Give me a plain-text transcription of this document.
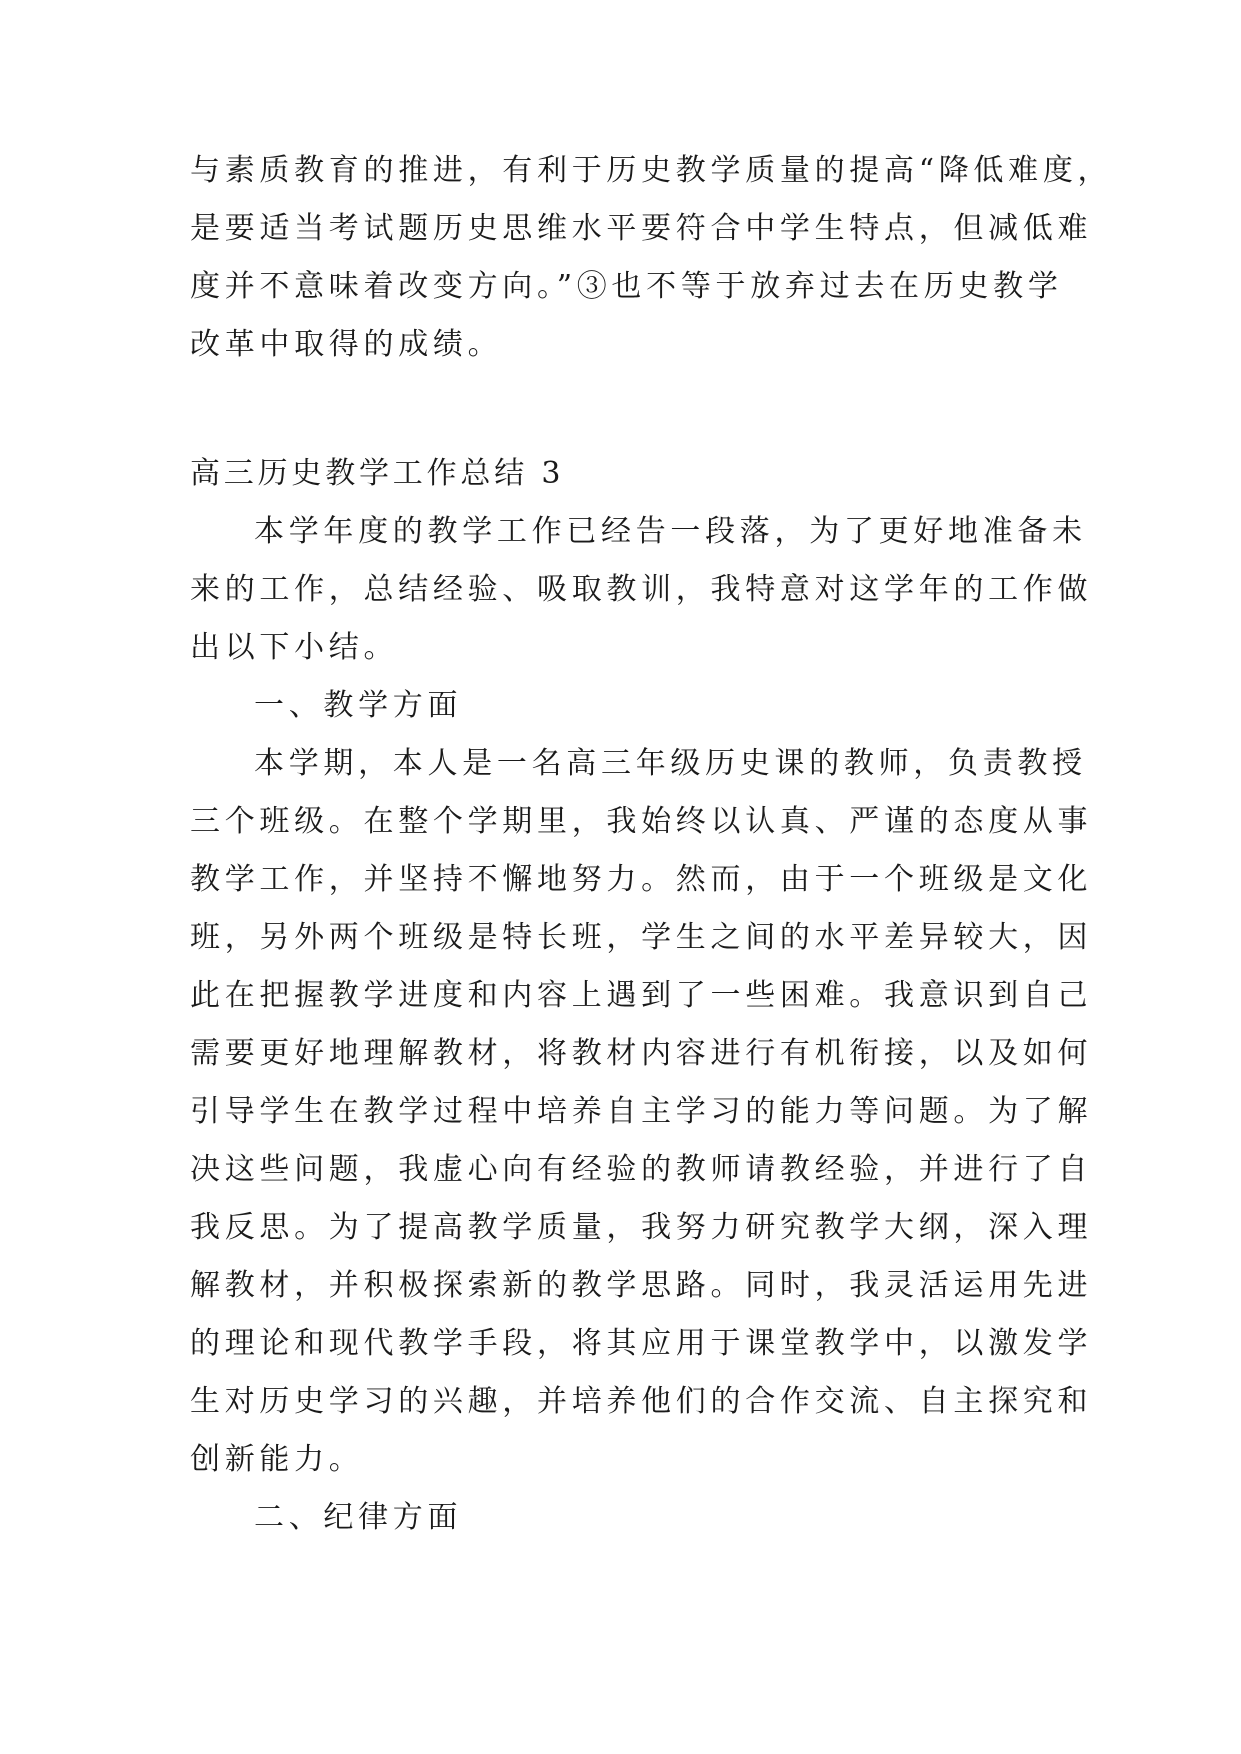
与素质教育的推进，有利于历史教学质量的提高“降低难度，
是要适当考试题历史思维水平要符合中学生特点，但减低难
度并不意味着改变方向。”③也不等于放弃过去在历史教学
改革中取得的成绩。
高三历史教学工作总结 3
本学年度的教学工作已经告一段落，为了更好地准备未
来的工作，总结经验、吸取教训，我特意对这学年的工作做
出以下小结。
一、教学方面
本学期，本人是一名高三年级历史课的教师，负责教授
三个班级。在整个学期里，我始终以认真、严谨的态度从事
教学工作，并坚持不懈地努力。然而，由于一个班级是文化
班，另外两个班级是特长班，学生之间的水平差异较大，因
此在把握教学进度和内容上遇到了一些困难。我意识到自己
需要更好地理解教材，将教材内容进行有机衔接，以及如何
引导学生在教学过程中培养自主学习的能力等问题。为了解
决这些问题，我虚心向有经验的教师请教经验，并进行了自
我反思。为了提高教学质量，我努力研究教学大纲，深入理
解教材，并积极探索新的教学思路。同时，我灵活运用先进
的理论和现代教学手段，将其应用于课堂教学中，以激发学
生对历史学习的兴趣，并培养他们的合作交流、自主探究和
创新能力。
二、纪律方面
